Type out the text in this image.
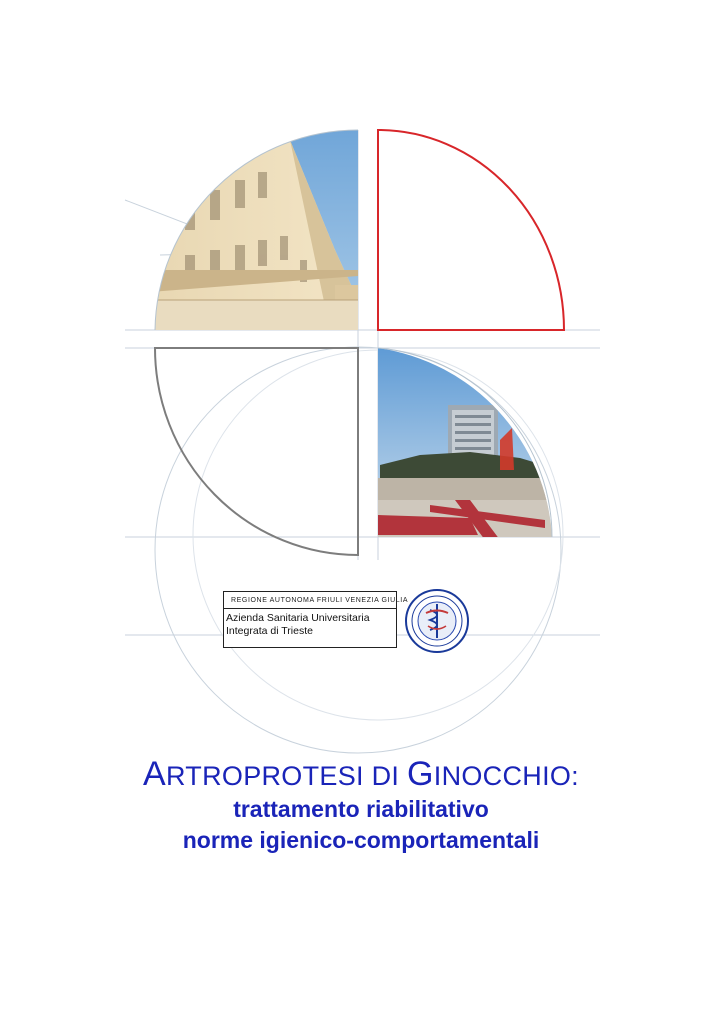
REGIONE AUTONOMA FRIULI VENEZIA GIULIA
Azienda Sanitaria Universitaria
Integrata di Trieste
ARTROPROTESI DI GINOCCHIO:
trattamento riabilitativo
norme igienico-comportamentali
